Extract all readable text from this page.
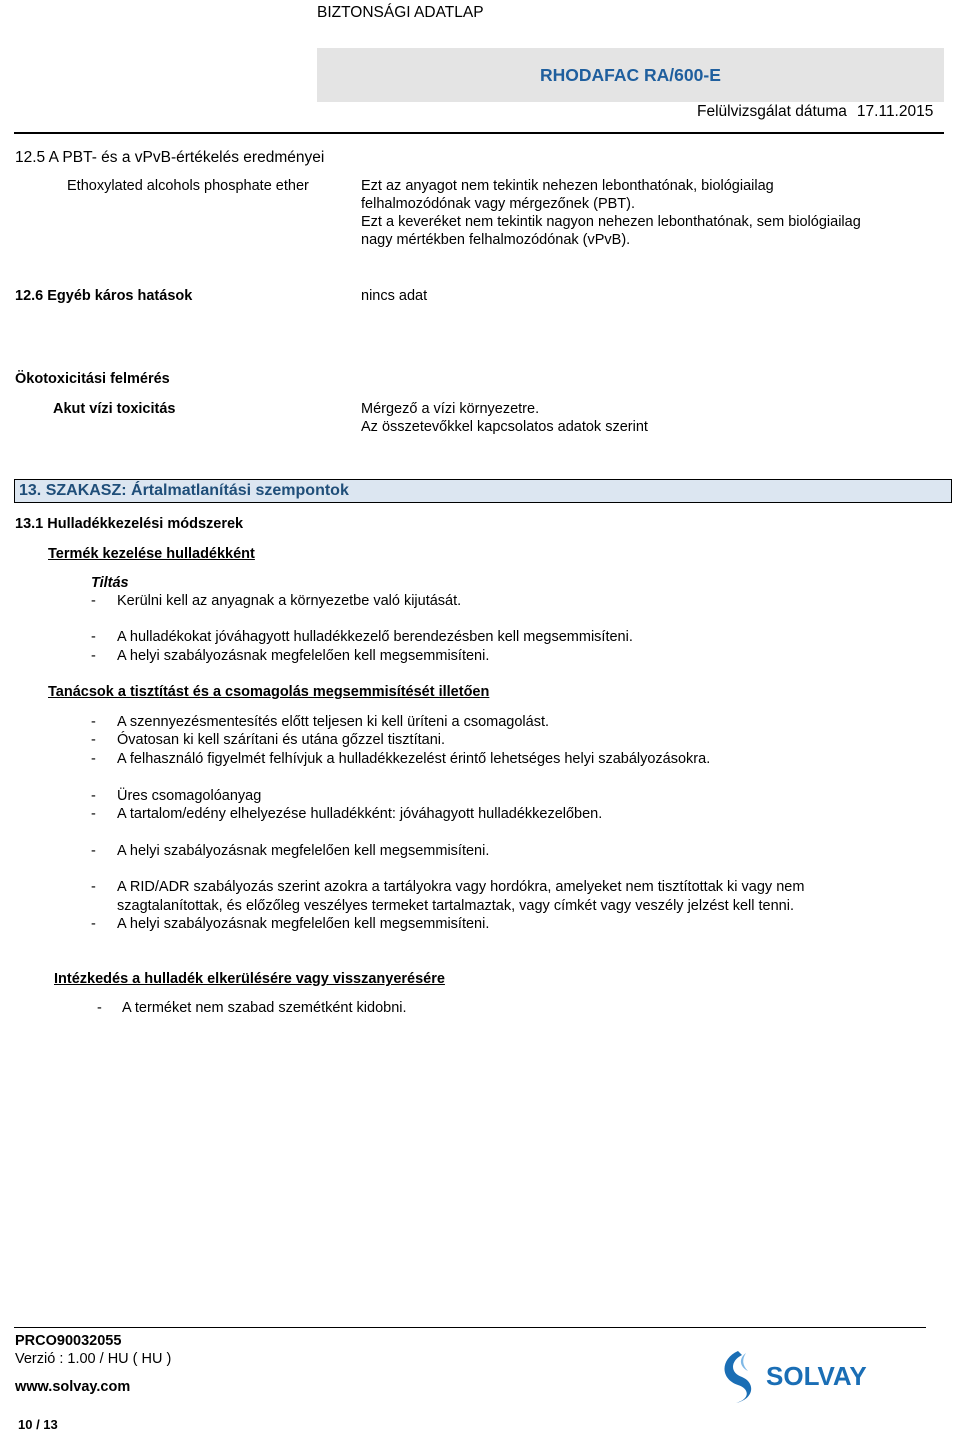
BIZTONSÁGI ADATLAP
RHODAFAC RA/600-E
Felülvizsgálat dátuma 17.11.2015
12.5 A PBT- és a vPvB-értékelés eredményei
Ethoxylated alcohols phosphate ether	Ezt az anyagot nem tekintik nehezen lebonthatónak, biológiailag
felhalmozódónak vagy mérgezőnek (PBT).
Ezt a keveréket nem tekintik nagyon nehezen lebonthatónak, sem biológiailag
nagy mértékben felhalmozódónak (vPvB).
12.6 Egyéb káros hatások	nincs adat
Ökotoxicitási felmérés
Akut vízi toxicitás	Mérgező a vízi környezetre.
Az összetevőkkel kapcsolatos adatok szerint
13. SZAKASZ: Ártalmatlanítási szempontok
13.1 Hulladékkezelési módszerek
Termék kezelése hulladékként
Tiltás
- Kerülni kell az anyagnak a környezetbe való kijutását.
- A hulladékokat jóváhagyott hulladékkezelő berendezésben kell megsemmisíteni.
- A helyi szabályozásnak megfelelően kell megsemmisíteni.
Tanácsok a tisztítást és a csomagolás megsemmisítését illetően
- A szennyezésmentesítés előtt teljesen ki kell üríteni a csomagolást.
- Óvatosan ki kell szárítani és utána gőzzel tisztítani.
- A felhasználó figyelmét felhívjuk a hulladékkezelést érintő lehetséges helyi szabályozásokra.
- Üres csomagolóanyag
- A tartalom/edény elhelyezése hulladékként: jóváhagyott hulladékkezelőben.
- A helyi szabályozásnak megfelelően kell megsemmisíteni.
- A RID/ADR szabályozás szerint azokra a tartályokra vagy hordókra, amelyeket nem tisztítottak ki vagy nem
szagtalanítottak, és előzőleg veszélyes termeket tartalmaztak, vagy címkét vagy veszély jelzést kell tenni.
- A helyi szabályozásnak megfelelően kell megsemmisíteni.
Intézkedés a hulladék elkerülésére vagy visszanyerésére
- A terméket nem szabad szemétként kidobni.
PRCO90032055
Verzió : 1.00 / HU ( HU )
www.solvay.com
10 / 13
SOLVAY
